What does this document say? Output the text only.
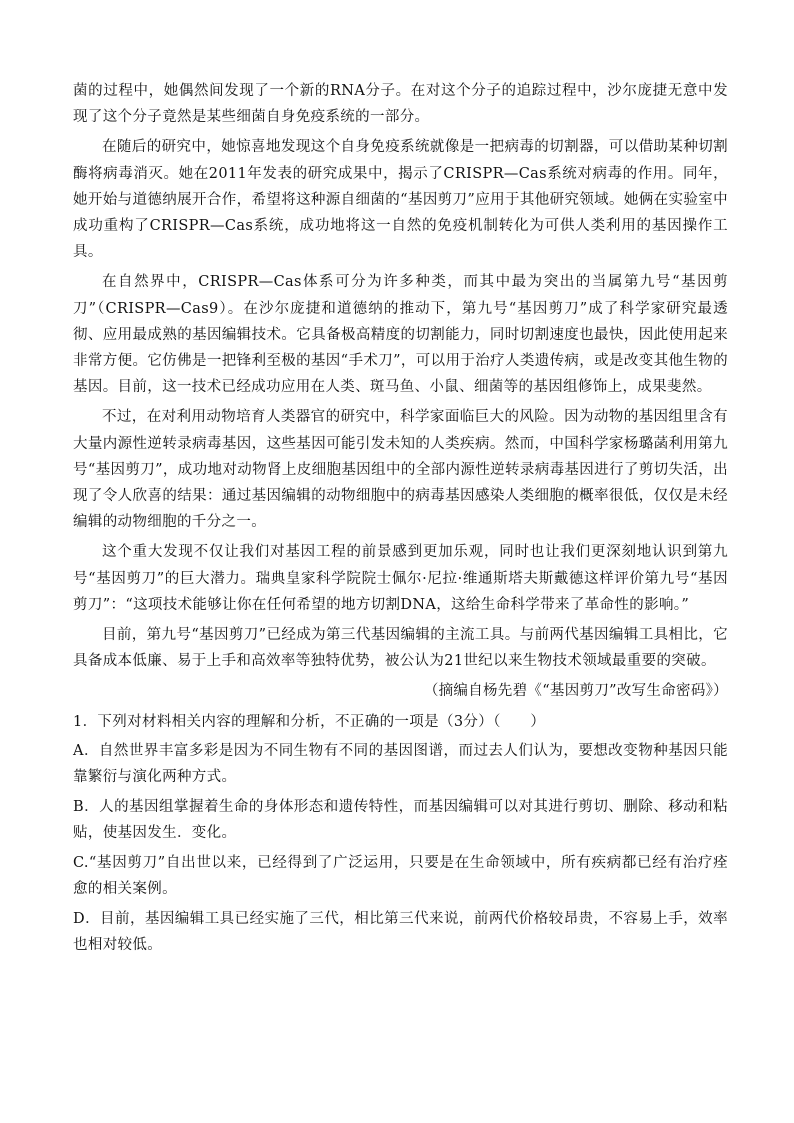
菌的过程中，她偶然间发现了一个新的RNA分子。在对这个分子的追踪过程中，沙尔庞捷无意中发现了这个分子竟然是某些细菌自身免疫系统的一部分。

在随后的研究中，她惊喜地发现这个自身免疫系统就像是一把病毒的切割器，可以借助某种切割酶将病毒消灭。她在2011年发表的研究成果中，揭示了CRISPR—Cas系统对病毒的作用。同年，她开始与道德纳展开合作，希望将这种源自细菌的“基因剪刀”应用于其他研究领域。她俩在实验室中成功重构了CRISPR—Cas系统，成功地将这一自然的免疫机制转化为可供人类利用的基因操作工具。

在自然界中，CRISPR—Cas体系可分为许多种类，而其中最为突出的当属第九号“基因剪刀”（CRISPR—Cas9）。在沙尔庞捷和道德纳的推动下，第九号“基因剪刀”成了科学家研究最透彻、应用最成熟的基因编辑技术。它具备极高精度的切割能力，同时切割速度也最快，因此使用起来非常方便。它仿佛是一把锋利至极的基因“手术刀”，可以用于治疗人类遗传病，或是改变其他生物的基因。目前，这一技术已经成功应用在人类、斑马鱼、小鼠、细菌等的基因组修饰上，成果斐然。

不过，在对利用动物培育人类器官的研究中，科学家面临巨大的风险。因为动物的基因组里含有大量内源性逆转录病毒基因，这些基因可能引发未知的人类疾病。然而，中国科学家杨璐菡利用第九号“基因剪刀”，成功地对动物肾上皮细胞基因组中的全部内源性逆转录病毒基因进行了剪切失活，出现了令人欣喜的结果：通过基因编辑的动物细胞中的病毒基因感染人类细胞的概率很低，仅仅是未经编辑的动物细胞的千分之一。

这个重大发现不仅让我们对基因工程的前景感到更加乐观，同时也让我们更深刻地认识到第九号“基因剪刀”的巨大潜力。瑞典皇家科学院院士佩尔·尼拉·维通斯塔夫斯戴德这样评价第九号“基因剪刀”：“这项技术能够让你在任何希望的地方切割DNA，这给生命科学带来了革命性的影响。”

目前，第九号“基因剪刀”已经成为第三代基因编辑的主流工具。与前两代基因编辑工具相比，它具备成本低廉、易于上手和高效率等独特优势，被公认为21世纪以来生物技术领域最重要的突破。

（摘编自杨先碧《“基因剪刀”改写生命密码》）

1．下列对材料相关内容的理解和分析，不正确的一项是（3分）（　　）

A．自然世界丰富多彩是因为不同生物有不同的基因图谱，而过去人们认为，要想改变物种基因只能靠繁衍与演化两种方式。

B．人的基因组掌握着生命的身体形态和遗传特性，而基因编辑可以对其进行剪切、删除、移动和粘贴，使基因发生．变化。

C.“基因剪刀”自出世以来，已经得到了广泛运用，只要是在生命领域中，所有疾病都已经有治疗痊愈的相关案例。

D．目前，基因编辑工具已经实施了三代，相比第三代来说，前两代价格较昂贵，不容易上手，效率也相对较低。
